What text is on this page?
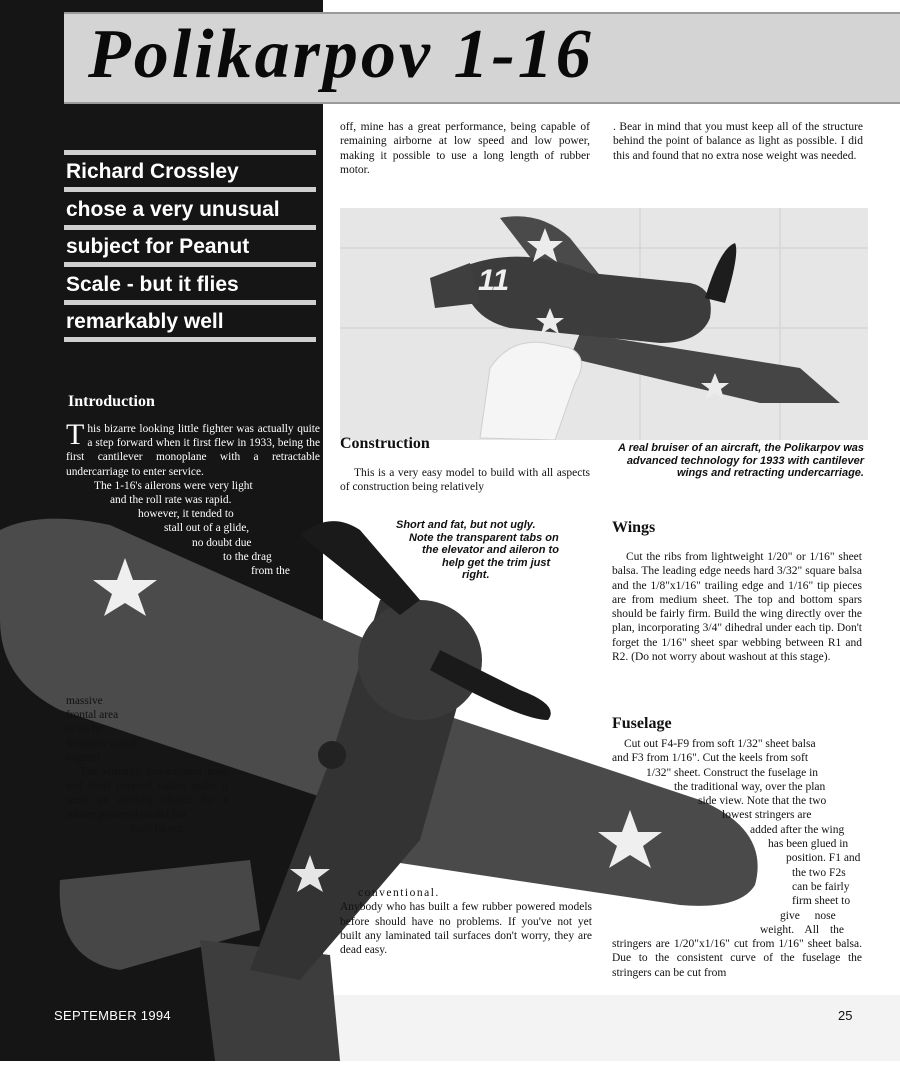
Polikarpov 1-16
Richard Crossley
chose a very unusual
subject for Peanut
Scale - but it flies
remarkably well

off, mine has a great performance, being capable of remaining airborne at low speed and low power, making it possible to use a long length of rubber motor.

. Bear in mind that you must keep all of the structure behind the point of balance as light as possible. I did this and found that no extra nose weight was needed.

11
A real bruiser of an aircraft, the Polikarpov was advanced technology for 1933 with cantilever wings and retracting undercarriage.
Short and fat, but not ugly.
Note the transparent tabs on
the elevator and aileron to
help get the trim just
right.
Introduction

This bizarre looking little fighter was actually quite a step forward when it first flew in 1933, being the first cantilever monoplane with a retractable undercarriage to enter service.

The 1-16's ailerons were very light
and the roll rate was rapid.
however, it tended to
stall out of a glide,
no doubt due
to the drag
from the
massive
frontal area
of its hp
Shvetsov radial
engine!

The virtually non-existent nose and short coupled nature make it seem an unlikely choice for a rubber powered model but

don't be put
Construction

This is a very easy model to build with all aspects of construction being relatively

conventional.

Anybody who has built a few rubber powered models before should have no problems. If you've not yet built any laminated tail surfaces don't worry, they are dead easy.

Wings

Cut the ribs from lightweight 1/20" or 1/16" sheet balsa. The leading edge needs hard 3/32" square balsa and the 1/8"x1/16" trailing edge and 1/16" tip pieces are from medium sheet. The top and bottom spars should be fairly firm. Build the wing directly over the plan, incorporating 3/4" dihedral under each tip. Don't forget the 1/16" sheet spar webbing between R1 and R2. (Do not worry about washout at this stage).

Fuselage
Cut out F4-F9 from soft 1/32" sheet balsa
and F3 from 1/16". Cut the keels from soft
1/32" sheet. Construct the fuselage in
the traditional way, over the plan
side view. Note that the two
lowest stringers are
added after the wing
has been glued in
position. F1 and
the two F2s
can be fairly
firm sheet to
give nose
weight. All the

stringers are 1/20"x1/16" cut from 1/16" sheet balsa. Due to the consistent curve of the fuselage the stringers can be cut from

SEPTEMBER 1994	25
